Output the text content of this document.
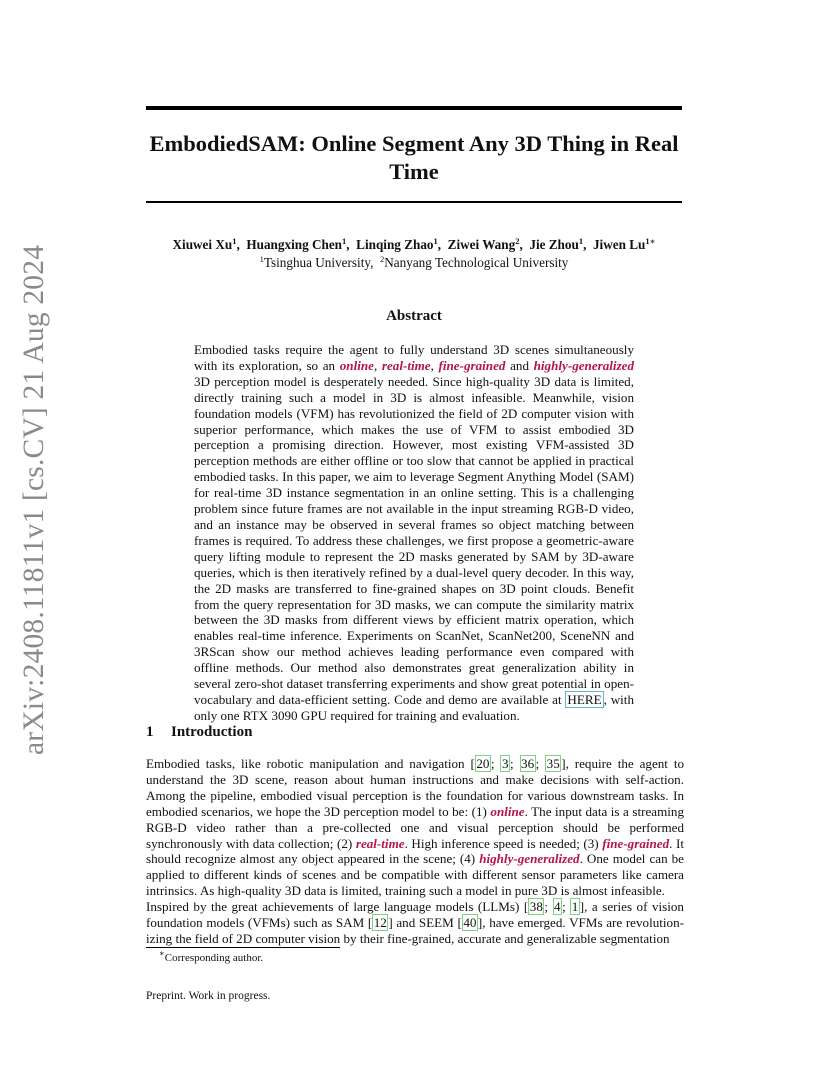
arXiv:2408.11811v1 [cs.CV] 21 Aug 2024
EmbodiedSAM: Online Segment Any 3D Thing in Real Time
Xiuwei Xu$^1$,  Huangxing Chen$^1$,  Linqing Zhao$^1$,  Ziwei Wang$^2$,  Jie Zhou$^1$,  Jiwen $Lu^{1∗}$
$^1$Tsinghua University,  $^2$Nanyang Technological University
Abstract
Embodied tasks require the agent to fully understand 3D scenes simultaneously with its exploration, so an online, real-time, fine-grained and highly-generalized 3D perception model is desperately needed. Since high-quality 3D data is limited, directly training such a model in 3D is almost infeasible. Meanwhile, vision foundation models (VFM) has revolutionized the field of 2D computer vision with superior performance, which makes the use of VFM to assist embodied 3D perception a promising direction. However, most existing VFM-assisted 3D perception methods are either offline or too slow that cannot be applied in practical embodied tasks. In this paper, we aim to leverage Segment Anything Model (SAM) for real-time 3D instance segmentation in an online setting. This is a challenging problem since future frames are not available in the input streaming RGB-D video, and an instance may be observed in several frames so object matching between frames is required. To address these challenges, we first propose a geometric-aware query lifting module to represent the 2D masks generated by SAM by 3D-aware queries, which is then iteratively refined by a dual-level query decoder. In this way, the 2D masks are transferred to fine-grained shapes on 3D point clouds. Benefit from the query representation for 3D masks, we can compute the similarity matrix between the 3D masks from different views by efficient matrix operation, which enables real-time inference. Experiments on ScanNet, ScanNet200, SceneNN and 3RScan show our method achieves leading performance even compared with offline methods. Our method also demonstrates great generalization ability in several zero-shot dataset transferring experiments and show great potential in open-vocabulary and data-efficient setting. Code and demo are available at HERE , with only one RTX 3090 GPU required for training and evaluation.
1 Introduction
Embodied tasks, like robotic manipulation and navigation [ 20 ; 3 ; 36 ; 35 ], require the agent to understand the 3D scene, reason about human instructions and make decisions with self-action. Among the pipeline, embodied visual perception is the foundation for various downstream tasks. In embodied scenarios, we hope the 3D perception model to be: (1) online. The input data is a streaming RGB-D video rather than a pre-collected one and visual perception should be performed synchronously with data collection; (2) real-time. High inference speed is needed; (3) fine-grained. It should recognize almost any object appeared in the scene; (4) highly-generalized. One model can be applied to different kinds of scenes and be compatible with different sensor parameters like camera intrinsics. As high-quality 3D data is limited, training such a model in pure 3D is almost infeasible.
Inspired by the great achievements of large language models (LLMs) [ 38 ; 4 ; 1 ], a series of vision foundation models (VFMs) such as SAM [ 12 ] and SEEM [ 40 ], have emerged. VFMs are revolution-izing the field of 2D computer vision by their fine-grained, accurate and generalizable segmentation
∗Corresponding author.
Preprint. Work in progress.
